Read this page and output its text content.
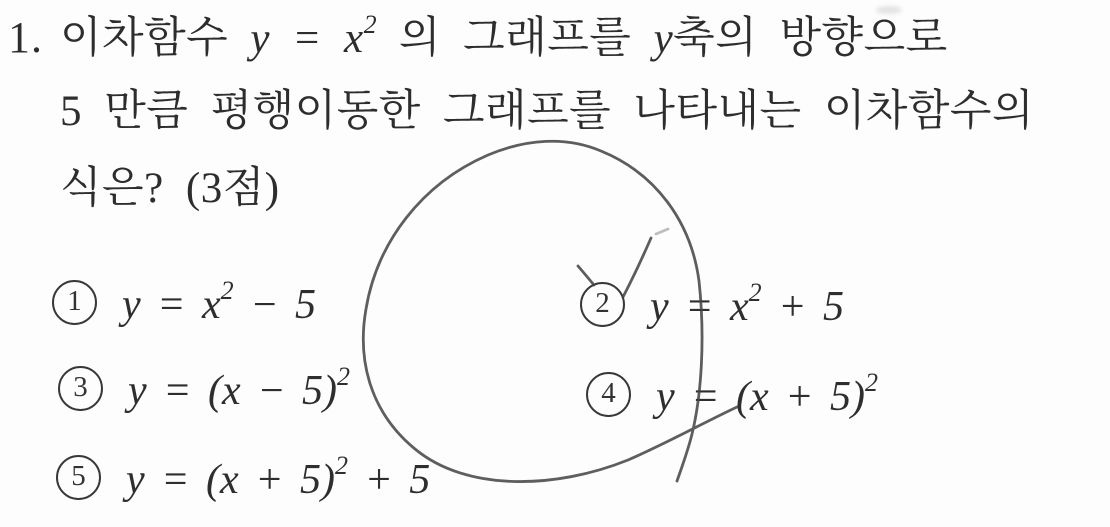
1. 이차함수 $y = x^2$ 의 그래프를 y축의 방향으로
5 만큼 평행이동한 그래프를 나타내는 이차함수의
식은? (3점)
1 $y = x^2 - 5$	2 $y = x^2 + 5$
3 $y = (x - 5)^2$
4 $y = (x + 5)^2$
5 $y = (x + 5)^2 + 5$
